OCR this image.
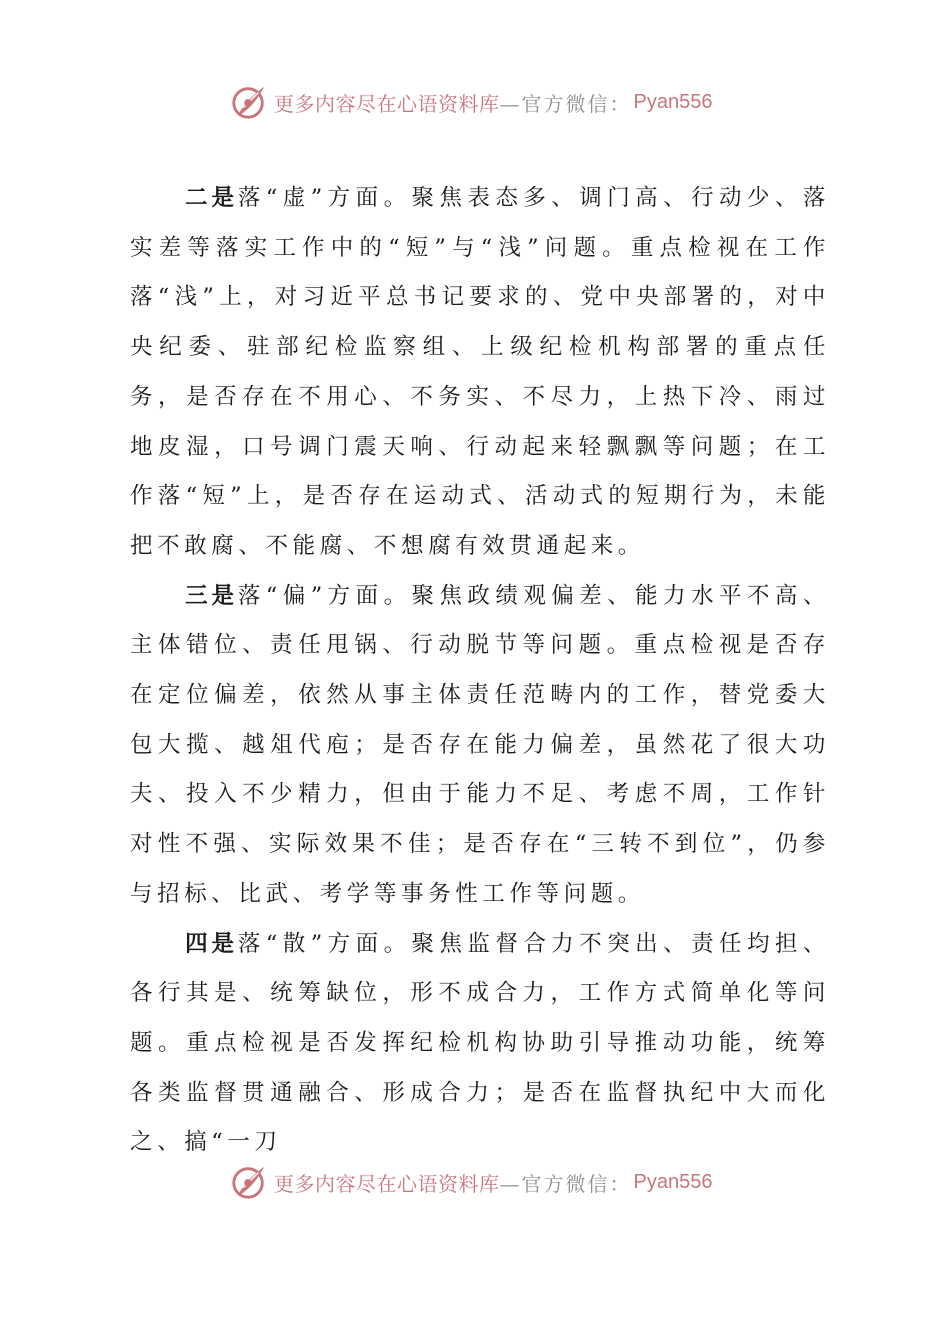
更多内容尽在心语资料库 —官方微信： Pyan556

二是落“虚”方面。聚焦表态多、调门高、行动少、落实差等落实工作中的“短”与“浅”问题。重点检视在工作落“浅”上，对习近平总书记要求的、党中央部署的，对中央纪委、驻部纪检监察组、上级纪检机构部署的重点任务，是否存在不用心、不务实、不尽力，上热下冷、雨过地皮湿，口号调门震天响、行动起来轻飘飘等问题；在工作落“短”上，是否存在运动式、活动式的短期行为，未能把不敢腐、不能腐、不想腐有效贯通起来。

三是落“偏”方面。聚焦政绩观偏差、能力水平不高、主体错位、责任甩锅、行动脱节等问题。重点检视是否存在定位偏差，依然从事主体责任范畴内的工作，替党委大包大揽、越俎代庖；是否存在能力偏差，虽然花了很大功夫、投入不少精力，但由于能力不足、考虑不周，工作针对性不强、实际效果不佳；是否存在“三转不到位”，仍参与招标、比武、考学等事务性工作等问题。

四是落“散”方面。聚焦监督合力不突出、责任均担、各行其是、统筹缺位，形不成合力，工作方式简单化等问题。重点检视是否发挥纪检机构协助引导推动功能，统筹各类监督贯通融合、形成合力；是否在监督执纪中大而化之、搞“一刀

更多内容尽在心语资料库 —官方微信： Pyan556
